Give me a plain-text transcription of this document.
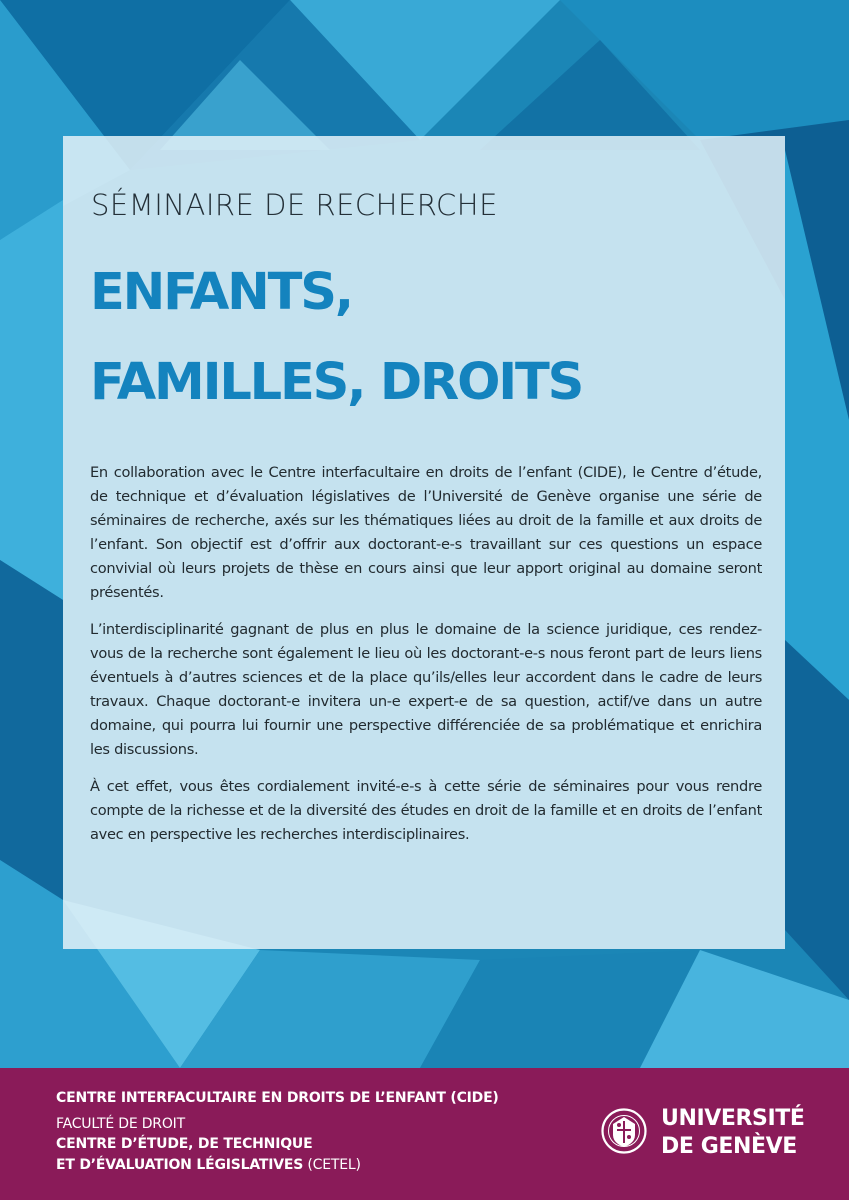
SÉMINAIRE DE RECHERCHE
ENFANTS,
FAMILLES, DROITS

En collaboration avec le Centre interfacultaire en droits de l’enfant (CIDE), le Centre d’étude, de technique et d’évaluation législatives de l’Université de Genève organise une série de séminaires de recherche, axés sur les thématiques liées au droit de la famille et aux droits de l’enfant. Son objectif est d’offrir aux doctorant-e-s travaillant sur ces questions un espace convivial où leurs projets de thèse en cours ainsi que leur apport original au domaine seront présentés.

L’interdisciplinarité gagnant de plus en plus le domaine de la science juridique, ces rendez-vous de la recherche sont également le lieu où les doctorant-e-s nous feront part de leurs liens éventuels à d’autres sciences et de la place qu’ils/elles leur accordent dans le cadre de leurs travaux. Chaque doctorant-e invitera un-e expert-e de sa question, actif/ve dans un autre domaine, qui pourra lui fournir une perspective différenciée de sa problématique et enrichira les discussions.

À cet effet, vous êtes cordialement invité-e-s à cette série de séminaires pour vous rendre compte de la richesse et de la diversité des études en droit de la famille et en droits de l’enfant avec en perspective les recherches interdisciplinaires.

CENTRE INTERFACULTAIRE EN DROITS DE L’ENFANT (CIDE)
FACULTÉ DE DROIT
CENTRE D’ÉTUDE, DE TECHNIQUE
ET D’ÉVALUATION LÉGISLATIVES (CETEL)
UNIVERSITÉ
DE GENÈVE
